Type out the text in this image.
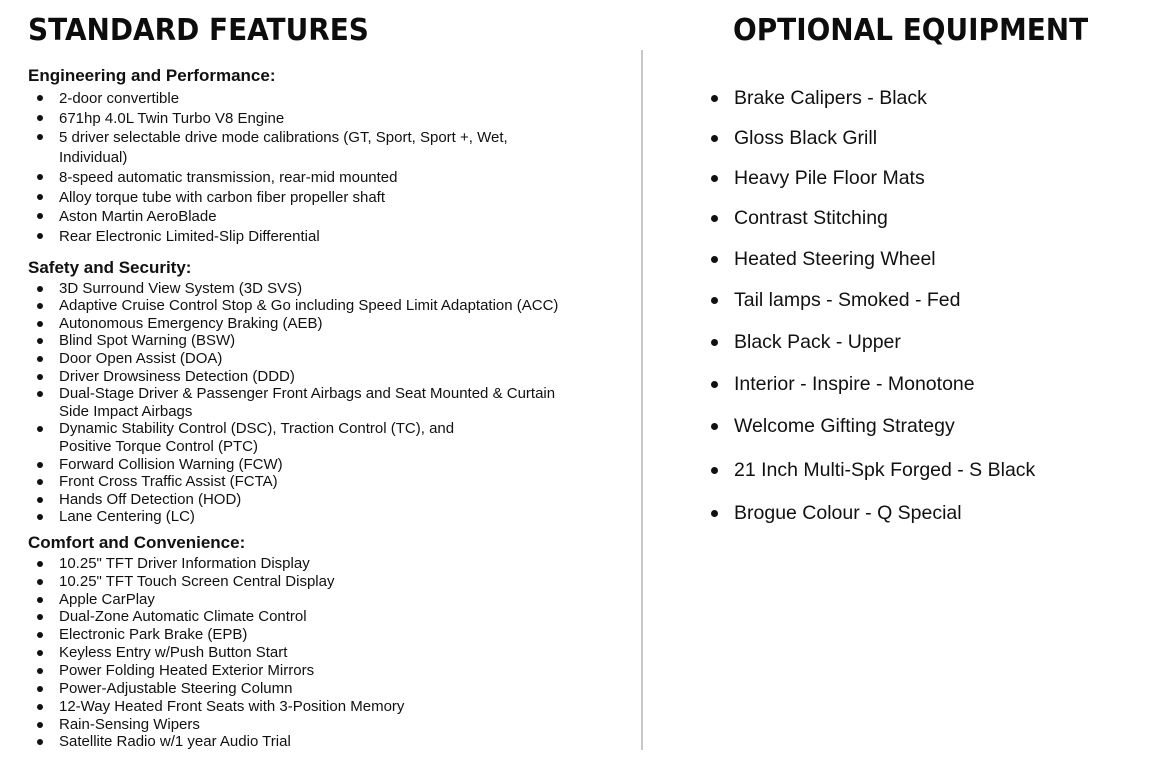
STANDARD FEATURES
Engineering and Performance:
2-door convertible
671hp 4.0L Twin Turbo V8 Engine
5 driver selectable drive mode calibrations (GT, Sport, Sport +, Wet,
Individual)
8-speed automatic transmission, rear-mid mounted
Alloy torque tube with carbon fiber propeller shaft
Aston Martin AeroBlade
Rear Electronic Limited-Slip Differential
Safety and Security:
3D Surround View System (3D SVS)
Adaptive Cruise Control Stop & Go including Speed Limit Adaptation (ACC)
Autonomous Emergency Braking (AEB)
Blind Spot Warning (BSW)
Door Open Assist (DOA)
Driver Drowsiness Detection (DDD)
Dual-Stage Driver & Passenger Front Airbags and Seat Mounted & Curtain
Side Impact Airbags
Dynamic Stability Control (DSC), Traction Control (TC), and
Positive Torque Control (PTC)
Forward Collision Warning (FCW)
Front Cross Traffic Assist (FCTA)
Hands Off Detection (HOD)
Lane Centering (LC)
Comfort and Convenience:
10.25" TFT Driver Information Display
10.25" TFT Touch Screen Central Display
Apple CarPlay
Dual-Zone Automatic Climate Control
Electronic Park Brake (EPB)
Keyless Entry w/Push Button Start
Power Folding Heated Exterior Mirrors
Power-Adjustable Steering Column
12-Way Heated Front Seats with 3-Position Memory
Rain-Sensing Wipers
Satellite Radio w/1 year Audio Trial
OPTIONAL EQUIPMENT
Brake Calipers - Black
Gloss Black Grill
Heavy Pile Floor Mats
Contrast Stitching
Heated Steering Wheel
Tail lamps - Smoked - Fed
Black Pack - Upper
Interior - Inspire - Monotone
Welcome Gifting Strategy
21 Inch Multi-Spk Forged - S Black
Brogue Colour - Q Special
